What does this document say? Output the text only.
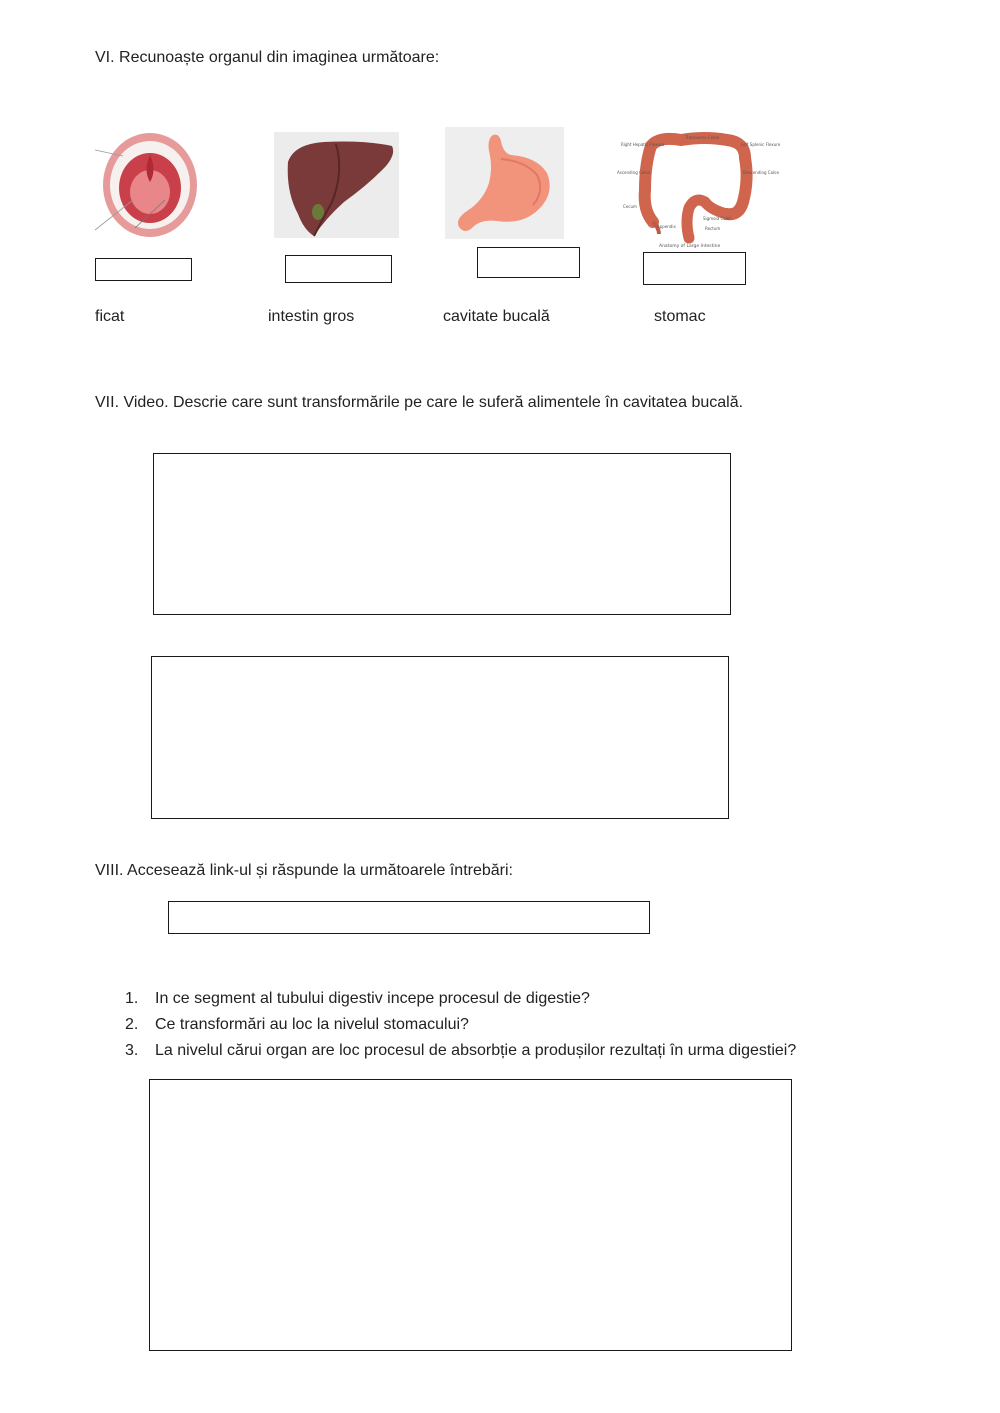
VI. Recunoaște organul din imaginea următoare:
Transverse Colon
Right Hepatic Flexure	Left Splenic Flexure
Ascending Colon	Descending Colon
Cecum
Appendix
Sigmoid Colon
Rectum
Anatomy of Large Intestine
ficat	intestin gros	cavitate bucală	stomac
VII. Video. Descrie care sunt transformările pe care le suferă alimentele în cavitatea bucală.
VIII. Accesează link-ul și răspunde la următoarele întrebări:
1. In ce segment al tubului digestiv incepe procesul de digestie?
2. Ce transformări au loc la nivelul stomacului?
3. La nivelul cărui organ are loc procesul de absorbție a produșilor rezultați în urma digestiei?
